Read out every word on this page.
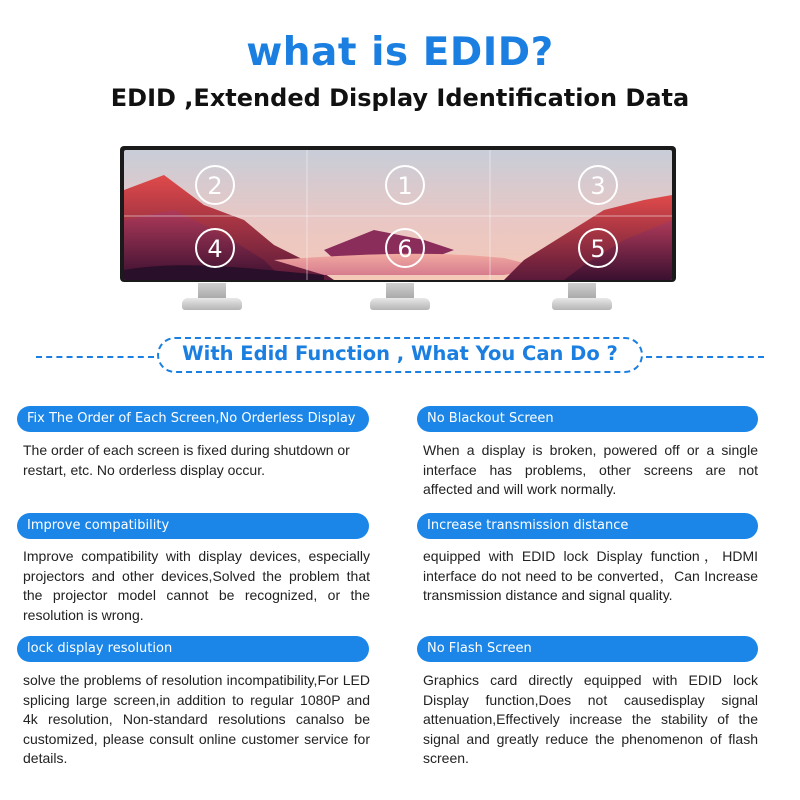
what is EDID?
EDID ,Extended Display Identification Data
2	1	3
4	6	5
With Edid Function , What You Can Do ?
Fix The Order of Each Screen,No Orderless Display
The order of each screen is fixed during shutdown or restart, etc. No orderless display occur.
Improve compatibility
Improve compatibility with display devices, especially projectors and other devices,Solved the problem that the projector model cannot be recognized, or the resolution is wrong.
lock display resolution
solve the problems of resolution incompatibility,For LED splicing large screen,in addition to regular 1080P and 4k resolution, Non-standard resolutions canalso be customized, please consult online customer service for details.
No Blackout Screen
When a display is broken, powered off or a single interface has problems, other screens are not affected and will work normally.
Increase transmission distance
equipped with EDID lock Display function，HDMI interface do not need to be converted，Can Increase transmission distance and signal quality.
No Flash Screen
Graphics card directly equipped with EDID lock Display function,Does not causedisplay signal attenuation,Effectively increase the stability of the signal and greatly reduce the phenomenon of flash screen.
